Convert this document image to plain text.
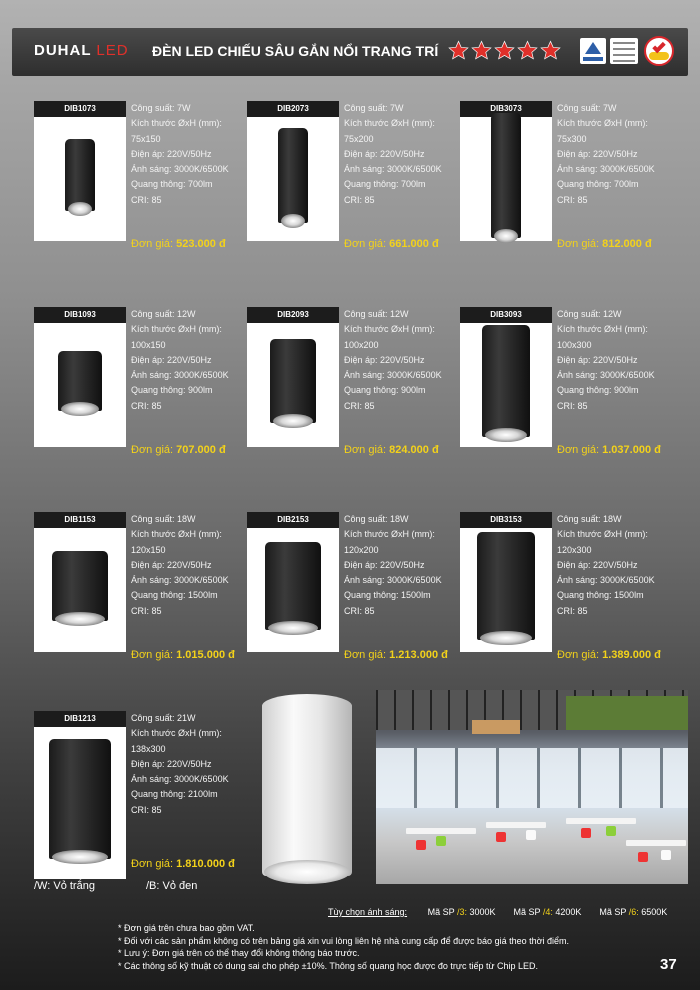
DUHAL LED ĐÈN LED CHIẾU SÂU GẮN NỔI TRANG TRÍ
DIB1073	Công suất: 7W
Kích thước ØxH (mm):
75x150
Điện áp: 220V/50Hz
Ánh sáng: 3000K/6500K
Quang thông: 700lm
CRI: 85
Đơn giá: 523.000 đ
DIB2073	Công suất: 7W
Kích thước ØxH (mm):
75x200
Điện áp: 220V/50Hz
Ánh sáng: 3000K/6500K
Quang thông: 700lm
CRI: 85
Đơn giá: 661.000 đ
DIB3073	Công suất: 7W
Kích thước ØxH (mm):
75x300
Điện áp: 220V/50Hz
Ánh sáng: 3000K/6500K
Quang thông: 700lm
CRI: 85
Đơn giá: 812.000 đ
DIB1093	Công suất: 12W
Kích thước ØxH (mm):
100x150
Điện áp: 220V/50Hz
Ánh sáng: 3000K/6500K
Quang thông: 900lm
CRI: 85
Đơn giá: 707.000 đ
DIB2093	Công suất: 12W
Kích thước ØxH (mm):
100x200
Điện áp: 220V/50Hz
Ánh sáng: 3000K/6500K
Quang thông: 900lm
CRI: 85
Đơn giá: 824.000 đ
DIB3093	Công suất: 12W
Kích thước ØxH (mm):
100x300
Điện áp: 220V/50Hz
Ánh sáng: 3000K/6500K
Quang thông: 900lm
CRI: 85
Đơn giá: 1.037.000 đ
DIB1153	Công suất: 18W
Kích thước ØxH (mm):
120x150
Điện áp: 220V/50Hz
Ánh sáng: 3000K/6500K
Quang thông: 1500lm
CRI: 85
Đơn giá: 1.015.000 đ
DIB2153	Công suất: 18W
Kích thước ØxH (mm):
120x200
Điện áp: 220V/50Hz
Ánh sáng: 3000K/6500K
Quang thông: 1500lm
CRI: 85
Đơn giá: 1.213.000 đ
DIB3153	Công suất: 18W
Kích thước ØxH (mm):
120x300
Điện áp: 220V/50Hz
Ánh sáng: 3000K/6500K
Quang thông: 1500lm
CRI: 85
Đơn giá: 1.389.000 đ
DIB1213	Công suất: 21W
Kích thước ØxH (mm):
138x300
Điện áp: 220V/50Hz
Ánh sáng: 3000K/6500K
Quang thông: 2100lm
CRI: 85
Đơn giá: 1.810.000 đ
/W: Vỏ trắng	/B: Vỏ đen
Tùy chọn ánh sáng: Mã SP /3: 3000K Mã SP /4: 4200K Mã SP /6: 6500K
* Đơn giá trên chưa bao gồm VAT.
* Đối với các sản phẩm không có trên bảng giá xin vui lòng liên hệ nhà cung cấp để được báo giá theo thời điểm.
* Lưu ý: Đơn giá trên có thể thay đổi không thông báo trước.
* Các thông số kỹ thuật có dung sai cho phép ±10%. Thông số quang học được đo trực tiếp từ Chip LED.	37
